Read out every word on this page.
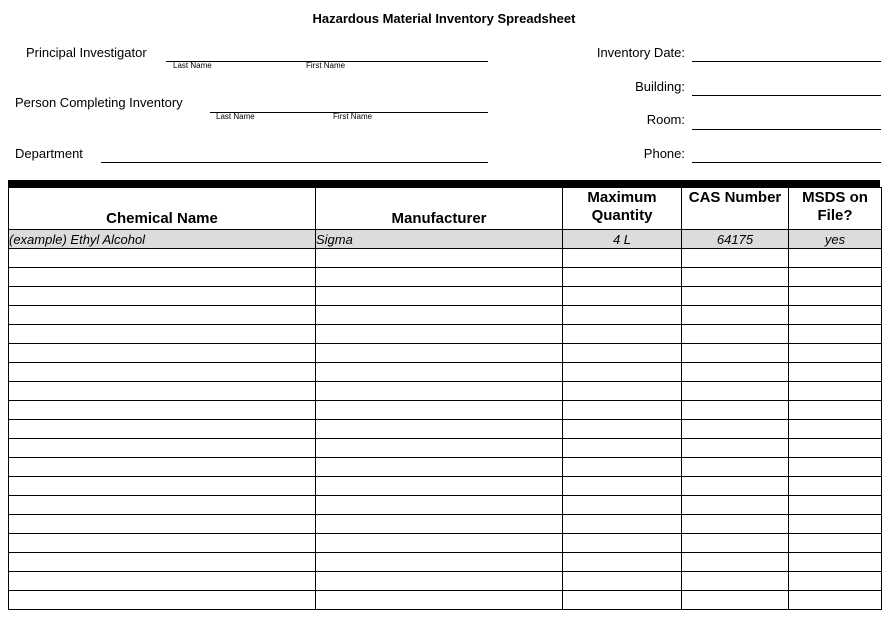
Hazardous Material Inventory Spreadsheet
Principal Investigator
Last Name	First Name
Person Completing Inventory
Last Name	First Name
Department
Inventory Date:
Building:
Room:
Phone:
Chemical Name	Manufacturer	Maximum Quantity	CAS Number	MSDS on File?
(example) Ethyl Alcohol	Sigma	4 L	64175	yes
